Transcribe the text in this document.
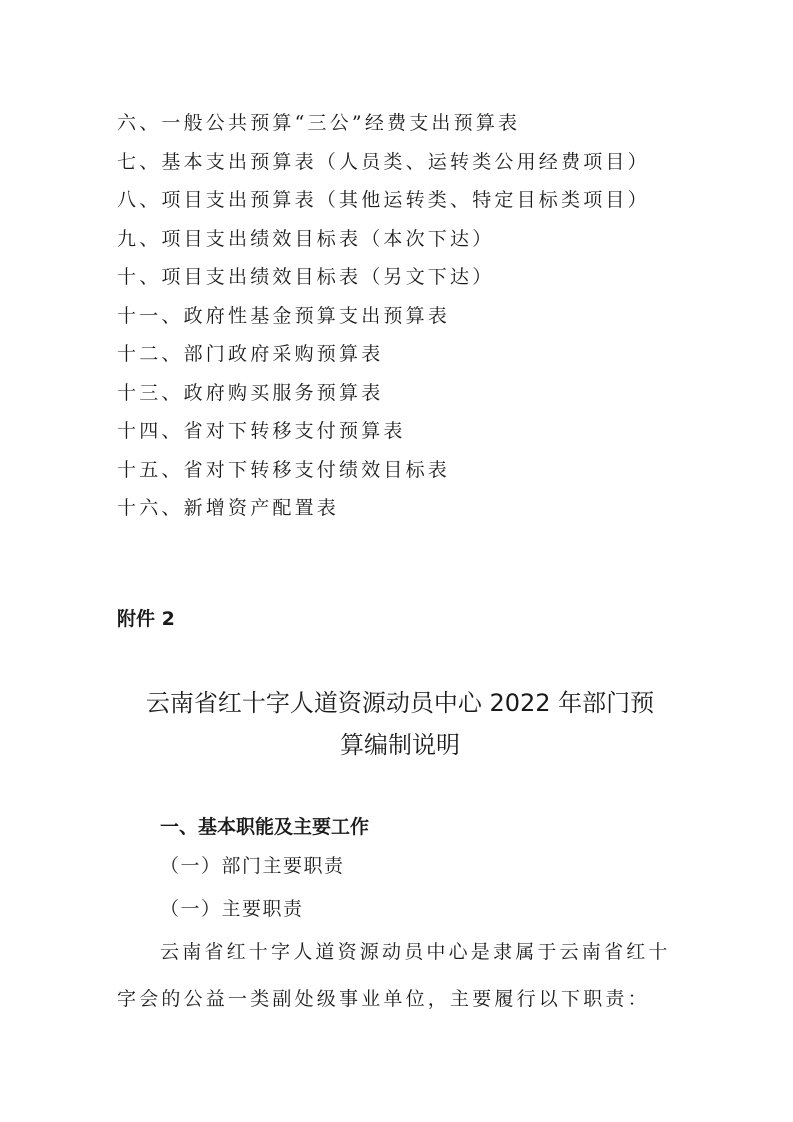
六、一般公共预算“三公”经费支出预算表
七、基本支出预算表（人员类、运转类公用经费项目）
八、项目支出预算表（其他运转类、特定目标类项目）
九、项目支出绩效目标表（本次下达）
十、项目支出绩效目标表（另文下达）
十一、政府性基金预算支出预算表
十二、部门政府采购预算表
十三、政府购买服务预算表
十四、省对下转移支付预算表
十五、省对下转移支付绩效目标表
十六、新增资产配置表
附件 2
云南省红十字人道资源动员中心 2022 年部门预
算编制说明
一、基本职能及主要工作
（一）部门主要职责
（一）主要职责
云南省红十字人道资源动员中心是隶属于云南省红十
字会的公益一类副处级事业单位，主要履行以下职责：
